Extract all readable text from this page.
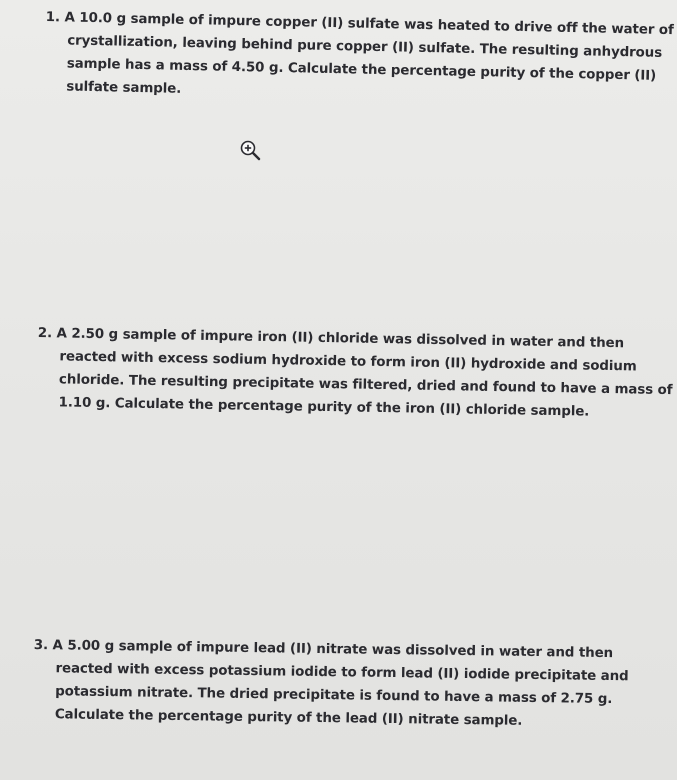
1. A 10.0 g sample of impure copper (II) sulfate was heated to drive off the water of
crystallization, leaving behind pure copper (II) sulfate. The resulting anhydrous
sample has a mass of 4.50 g. Calculate the percentage purity of the copper (II)
sulfate sample.
2. A 2.50 g sample of impure iron (II) chloride was dissolved in water and then
reacted with excess sodium hydroxide to form iron (II) hydroxide and sodium
chloride. The resulting precipitate was filtered, dried and found to have a mass of
1.10 g. Calculate the percentage purity of the iron (II) chloride sample.
3. A 5.00 g sample of impure lead (II) nitrate was dissolved in water and then
reacted with excess potassium iodide to form lead (II) iodide precipitate and
potassium nitrate. The dried precipitate is found to have a mass of 2.75 g.
Calculate the percentage purity of the lead (II) nitrate sample.
